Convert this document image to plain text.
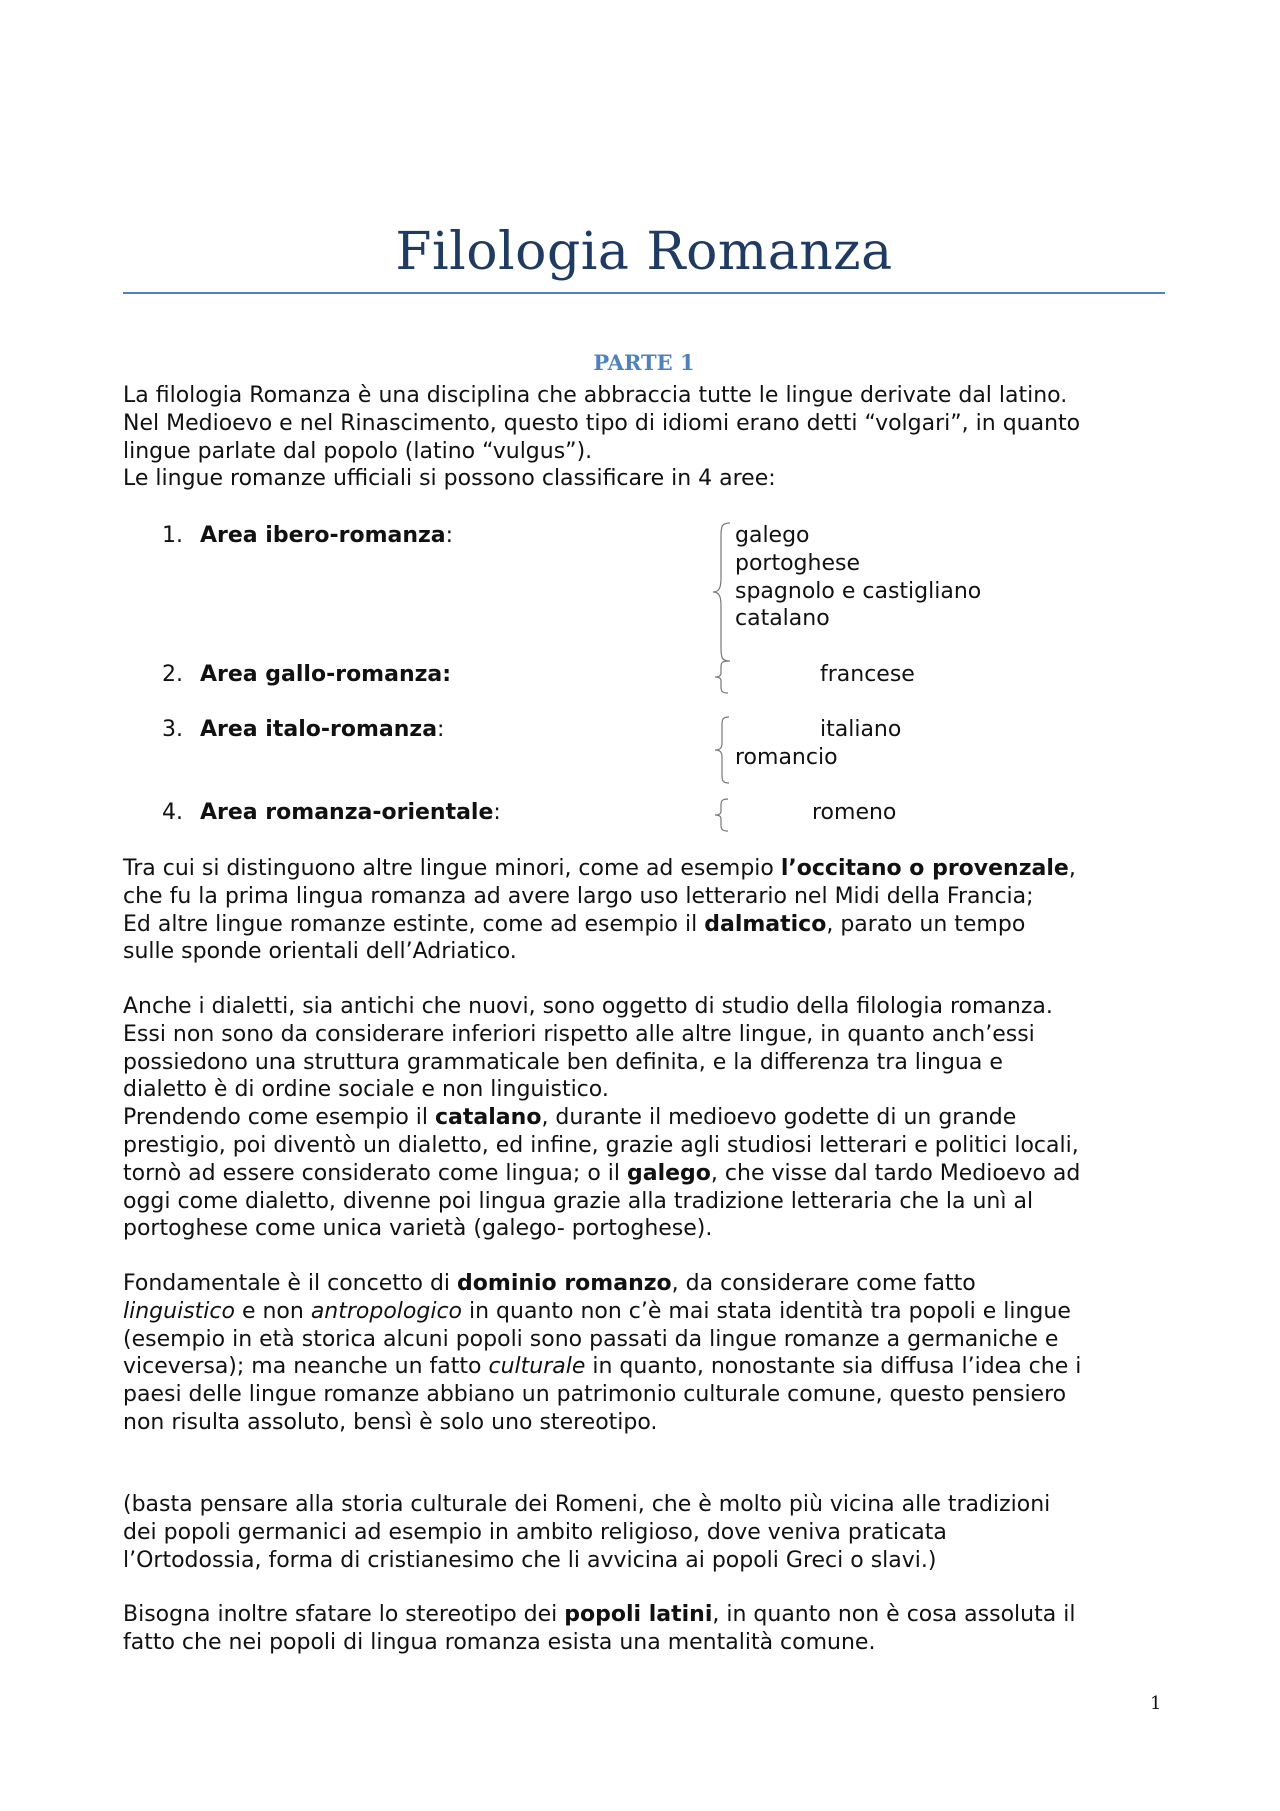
Filologia Romanza
PARTE 1

La filologia Romanza è una disciplina che abbraccia tutte le lingue derivate dal latino.

Nel Medioevo e nel Rinascimento, questo tipo di idiomi erano detti “volgari”, in quanto

lingue parlate dal popolo (latino “vulgus”).

Le lingue romanze ufficiali si possono classificare in 4 aree:

1. Area ibero-romanza:	galego
portoghese
spagnolo e castigliano
catalano
2. Area gallo-romanza:	francese
3. Area italo-romanza:	italiano
romancio
4. Area romanza-orientale:	romeno

Tra cui si distinguono altre lingue minori, come ad esempio l’occitano o provenzale,

che fu la prima lingua romanza ad avere largo uso letterario nel Midi della Francia;

Ed altre lingue romanze estinte, come ad esempio il dalmatico, parato un tempo

sulle sponde orientali dell’Adriatico.

Anche i dialetti, sia antichi che nuovi, sono oggetto di studio della filologia romanza.

Essi non sono da considerare inferiori rispetto alle altre lingue, in quanto anch’essi

possiedono una struttura grammaticale ben definita, e la differenza tra lingua e

dialetto è di ordine sociale e non linguistico.

Prendendo come esempio il catalano, durante il medioevo godette di un grande

prestigio, poi diventò un dialetto, ed infine, grazie agli studiosi letterari e politici locali,

tornò ad essere considerato come lingua; o il galego, che visse dal tardo Medioevo ad

oggi come dialetto, divenne poi lingua grazie alla tradizione letteraria che la unì al

portoghese come unica varietà (galego- portoghese).

Fondamentale è il concetto di dominio romanzo, da considerare come fatto

linguistico e non antropologico in quanto non c’è mai stata identità tra popoli e lingue

(esempio in età storica alcuni popoli sono passati da lingue romanze a germaniche e

viceversa); ma neanche un fatto culturale in quanto, nonostante sia diffusa l’idea che i

paesi delle lingue romanze abbiano un patrimonio culturale comune, questo pensiero

non risulta assoluto, bensì è solo uno stereotipo.

(basta pensare alla storia culturale dei Romeni, che è molto più vicina alle tradizioni

dei popoli germanici ad esempio in ambito religioso, dove veniva praticata

l’Ortodossia, forma di cristianesimo che li avvicina ai popoli Greci o slavi.)

Bisogna inoltre sfatare lo stereotipo dei popoli latini, in quanto non è cosa assoluta il

fatto che nei popoli di lingua romanza esista una mentalità comune.

1
